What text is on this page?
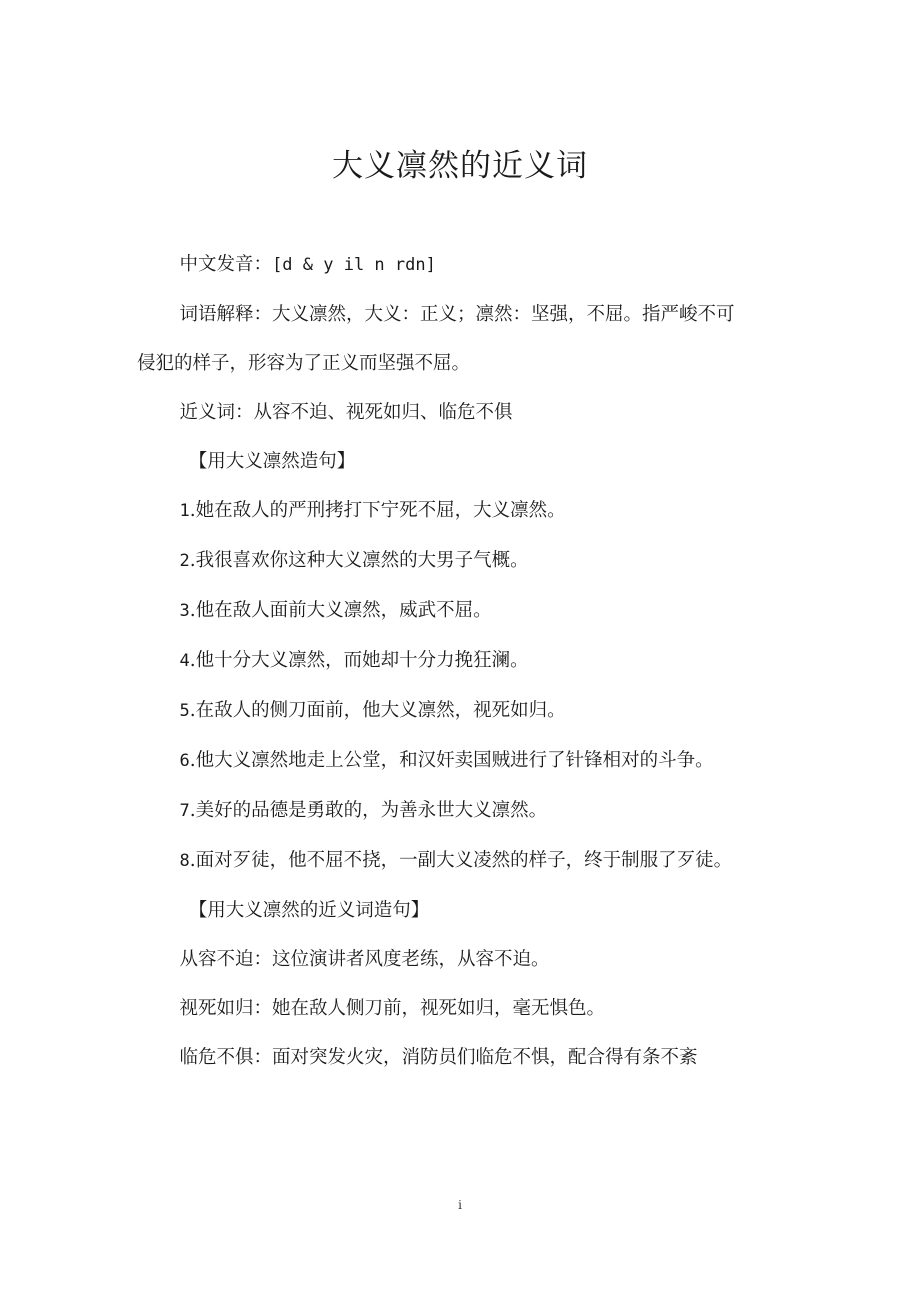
大义凛然的近义词

中文发音：[d & y il n rdn]

词语解释：大义凛然，大义：正义；凛然：坚强，不屈。指严峻不可侵犯的样子，形容为了正义而坚强不屈。

近义词：从容不迫、视死如归、临危不俱

【用大义凛然造句】

1.她在敌人的严刑拷打下宁死不屈，大义凛然。

2.我很喜欢你这种大义凛然的大男子气概。

3.他在敌人面前大义凛然，威武不屈。

4.他十分大义凛然，而她却十分力挽狂澜。

5.在敌人的侧刀面前，他大义凛然，视死如归。

6.他大义凛然地走上公堂，和汉奸卖国贼进行了针锋相对的斗争。

7.美好的品德是勇敢的，为善永世大义凛然。

8.面对歹徒，他不屈不挠，一副大义凌然的样子，终于制服了歹徒。

【用大义凛然的近义词造句】

从容不迫：这位演讲者风度老练，从容不迫。

视死如归：她在敌人侧刀前，视死如归，毫无惧色。

临危不俱：面对突发火灾，消防员们临危不惧，配合得有条不紊

i
